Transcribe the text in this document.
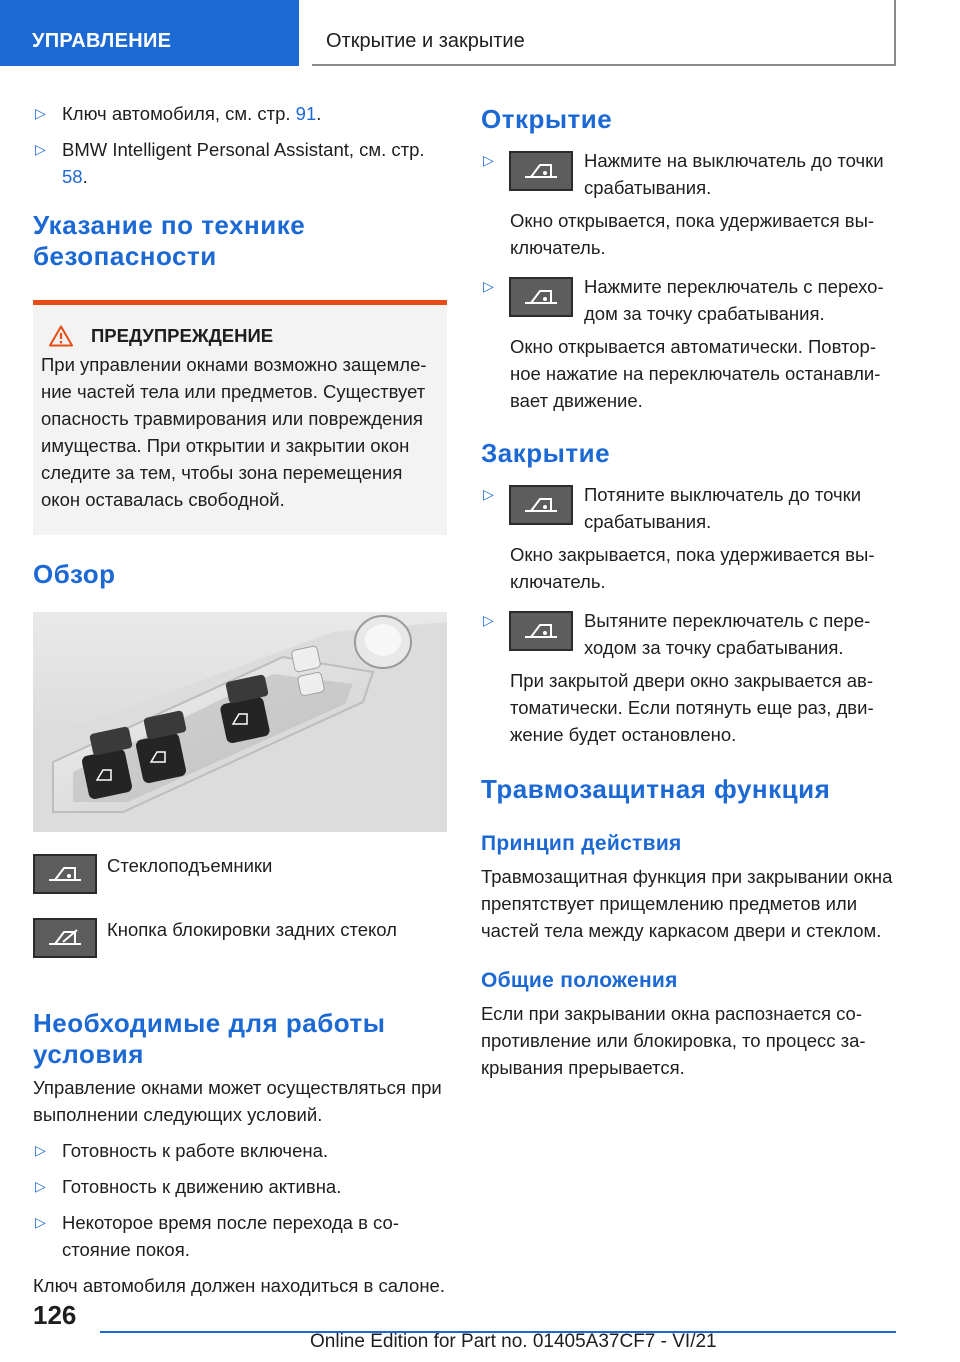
УПРАВЛЕНИЕ	Открытие и закрытие
▷ Ключ автомобиля, см. стр. 91.
▷ BMW Intelligent Personal Assistant, см. стр. 58.
Указание по технике безопасности
ПРЕДУПРЕЖДЕНИЕ
При управлении окнами возможно защемление частей тела или предметов. Существует опасность травмирования или повреждения имущества. При открытии и закрытии окон следите за тем, чтобы зона перемещения окон оставалась свободной.
Обзор
Стеклоподъемники
Кнопка блокировки задних стекол
Необходимые для работы условия

Управление окнами может осуществляться при выполнении следующих условий.

▷ Готовность к работе включена.
▷ Готовность к движению активна.
▷ Некоторое время после перехода в состояние покоя.

Ключ автомобиля должен находиться в салоне.

Открытие
▷	Нажмите на выключатель до точки срабатывания.

Окно открывается, пока удерживается выключатель.

▷	Нажмите переключатель с переходом за точку срабатывания.

Окно открывается автоматически. Повторное нажатие на переключатель останавливает движение.

Закрытие
▷	Потяните выключатель до точки срабатывания.

Окно закрывается, пока удерживается выключатель.

▷	Вытяните переключатель с переходом за точку срабатывания.

При закрытой двери окно закрывается автоматически. Если потянуть еще раз, движение будет остановлено.

Травмозащитная функция
Принцип действия

Травмозащитная функция при закрывании окна препятствует прищемлению предметов или частей тела между каркасом двери и стеклом.

Общие положения

Если при закрывании окна распознается сопротивление или блокировка, то процесс закрывания прерывается.

126
Online Edition for Part no. 01405A37CF7 - VI/21
